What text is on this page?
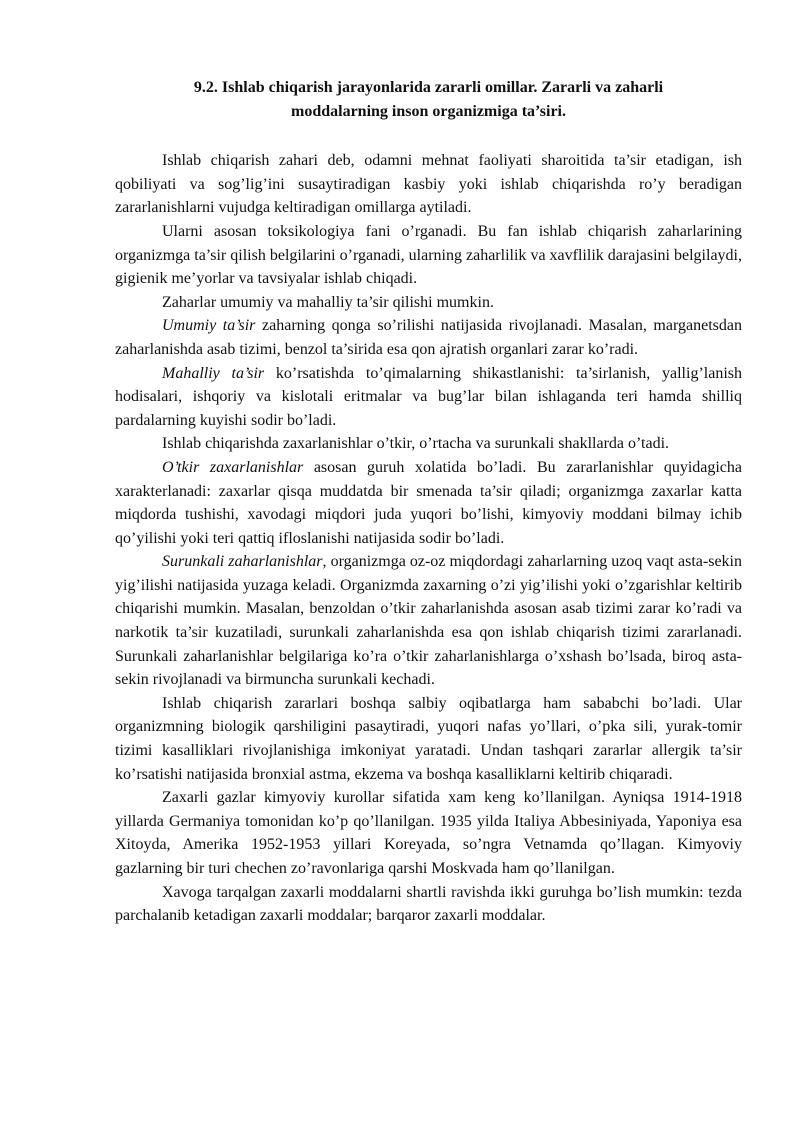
9.2. Ishlab chiqarish jarayonlarida zararli omillar. Zararli va zaharli
moddalarning inson organizmiga ta’siri.

Ishlab chiqarish zahari deb, odamni mehnat faoliyati sharoitida ta’sir etadigan, ish qobiliyati va sog’lig’ini susaytiradigan kasbiy yoki ishlab chiqarishda ro’y beradigan zararlanishlarni vujudga keltiradigan omillarga aytiladi.

Ularni asosan toksikologiya fani o’rganadi. Bu fan ishlab chiqarish zaharlarining organizmga ta’sir qilish belgilarini o’rganadi, ularning zaharlilik va xavflilik darajasini belgilaydi, gigienik me’yorlar va tavsiyalar ishlab chiqadi.

Zaharlar umumiy va mahalliy ta’sir qilishi mumkin.

Umumiy ta’sir zaharning qonga so’rilishi natijasida rivojlanadi. Masalan, marganetsdan zaharlanishda asab tizimi, benzol ta’sirida esa qon ajratish organlari zarar ko’radi.

Mahalliy ta’sir ko’rsatishda to’qimalarning shikastlanishi: ta’sirlanish, yallig’lanish hodisalari, ishqoriy va kislotali eritmalar va bug’lar bilan ishlaganda teri hamda shilliq pardalarning kuyishi sodir bo’ladi.

Ishlab chiqarishda zaxarlanishlar o’tkir, o’rtacha va surunkali shakllarda o’tadi.

O’tkir zaxarlanishlar asosan guruh xolatida bo’ladi. Bu zararlanishlar quyidagicha xarakterlanadi: zaxarlar qisqa muddatda bir smenada ta’sir qiladi; organizmga zaxarlar katta miqdorda tushishi, xavodagi miqdori juda yuqori bo’lishi, kimyoviy moddani bilmay ichib qo’yilishi yoki teri qattiq ifloslanishi natijasida sodir bo’ladi.

Surunkali zaharlanishlar, organizmga oz-oz miqdordagi zaharlarning uzoq vaqt asta-sekin yig’ilishi natijasida yuzaga keladi. Organizmda zaxarning o’zi yig’ilishi yoki o’zgarishlar keltirib chiqarishi mumkin. Masalan, benzoldan o’tkir zaharlanishda asosan asab tizimi zarar ko’radi va narkotik ta’sir kuzatiladi, surunkali zaharlanishda esa qon ishlab chiqarish tizimi zararlanadi. Surunkali zaharlanishlar belgilariga ko’ra o’tkir zaharlanishlarga o’xshash bo’lsada, biroq asta-sekin rivojlanadi va birmuncha surunkali kechadi.

Ishlab chiqarish zararlari boshqa salbiy oqibatlarga ham sababchi bo’ladi. Ular organizmning biologik qarshiligini pasaytiradi, yuqori nafas yo’llari, o’pka sili, yurak-tomir tizimi kasalliklari rivojlanishiga imkoniyat yaratadi. Undan tashqari zararlar allergik ta’sir ko’rsatishi natijasida bronxial astma, ekzema va boshqa kasalliklarni keltirib chiqaradi.

Zaxarli gazlar kimyoviy kurollar sifatida xam keng ko’llanilgan. Ayniqsa 1914-1918 yillarda Germaniya tomonidan ko’p qo’llanilgan. 1935 yilda Italiya Abbesiniyada, Yaponiya esa Xitoyda, Amerika 1952-1953 yillari Koreyada, so’ngra Vetnamda qo’llagan. Kimyoviy gazlarning bir turi chechen zo’ravonlariga qarshi Moskvada ham qo’llanilgan.

Xavoga tarqalgan zaxarli moddalarni shartli ravishda ikki guruhga bo’lish mumkin: tezda parchalanib ketadigan zaxarli moddalar; barqaror zaxarli moddalar.
